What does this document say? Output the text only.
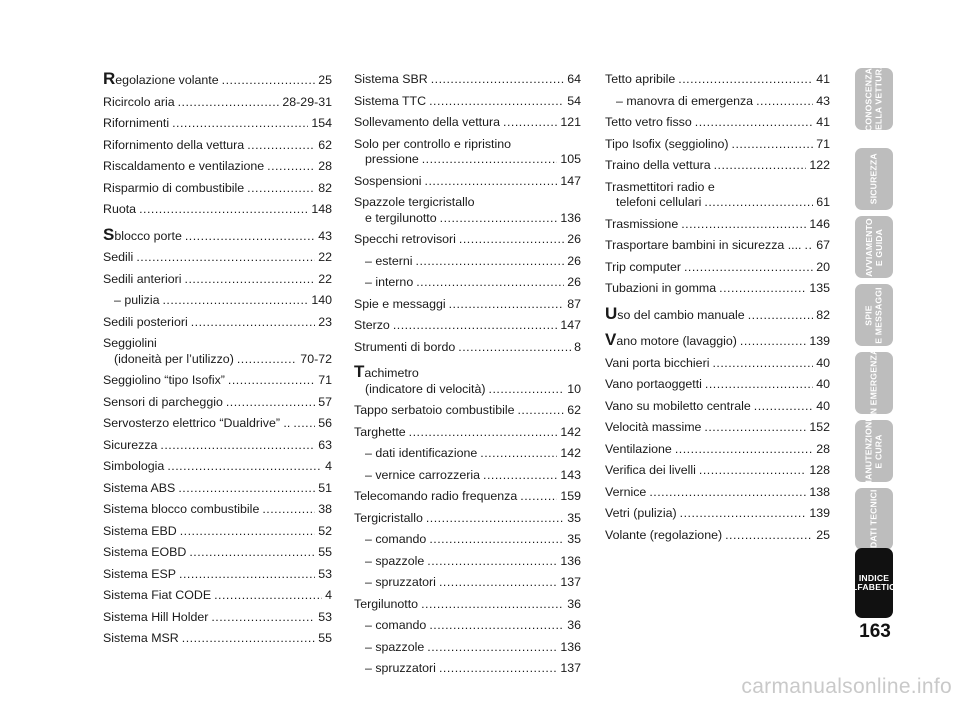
Regolazione volante .....	25
Ricircolo aria .....	28-29-31
Rifornimenti .....	154
Rifornimento della vettura .....	62
Riscaldamento e ventilazione .....	28
Risparmio di combustibile .....	82
Ruota .....	148
Sblocco porte .....	43
Sedili .....	22
Sedili anteriori .....	22
– pulizia .....	140
Sedili posteriori .....	23
Seggiolini
(idoneità per l’utilizzo) .....	70-72
Seggiolino “tipo Isofix” .....	71
Sensori di parcheggio .....	57
Servosterzo elettrico “Dualdrive” .. ..... 56
Sicurezza .....	63
Simbologia .....	4
Sistema ABS .....	51
Sistema blocco combustibile .....	38
Sistema EBD .....	52
Sistema EOBD .....	55
Sistema ESP .....	53
Sistema Fiat CODE .....	4
Sistema Hill Holder .....	53
Sistema MSR .....	55
Sistema SBR .....	64
Sistema TTC .....	54
Sollevamento della vettura .....	121
Solo per controllo e ripristino
pressione .....	105
Sospensioni .....	147
Spazzole tergicristallo
e tergilunotto .....	136
Specchi retrovisori .....	26
– esterni .....	26
– interno .....	26
Spie e messaggi .....	87
Sterzo .....	147
Strumenti di bordo .....	8
Tachimetro
(indicatore di velocità) .....	10
Tappo serbatoio combustibile .....	62
Targhette .....	142
– dati identificazione .....	142
– vernice carrozzeria .....	143
Telecomando radio frequenza .....	159
Tergicristallo .....	35
– comando .....	35
– spazzole .....	136
– spruzzatori .....	137
Tergilunotto .....	36
– comando .....	36
– spazzole .....	136
– spruzzatori .....	137
Tetto apribile .....	41
– manovra di emergenza .....	43
Tetto vetro fisso .....	41
Tipo Isofix (seggiolino) .....	71
Traino della vettura .....	122
Trasmettitori radio e
telefoni cellulari .....	61
Trasmissione .....	146
Trasportare bambini in sicurezza .... ..... 67
Trip computer .....	20
Tubazioni in gomma .....	135
Uso del cambio manuale .....	82
Vano motore (lavaggio) .....	139
Vani porta bicchieri .....	40
Vano portaoggetti .....	40
Vano su mobiletto centrale .....	40
Velocità massime .....	152
Ventilazione .....	28
Verifica dei livelli .....	128
Vernice .....	138
Vetri (pulizia) .....	139
Volante (regolazione) .....	25
CONOSCENZA DELLA VETTURA
SICUREZZA
AVVIAMENTO E GUIDA
SPIE E MESSAGGI
IN EMERGENZA
MANUTENZIONE E CURA
DATI TECNICI
INDICE
ALFABETICO
163
carmanualsonline.info
